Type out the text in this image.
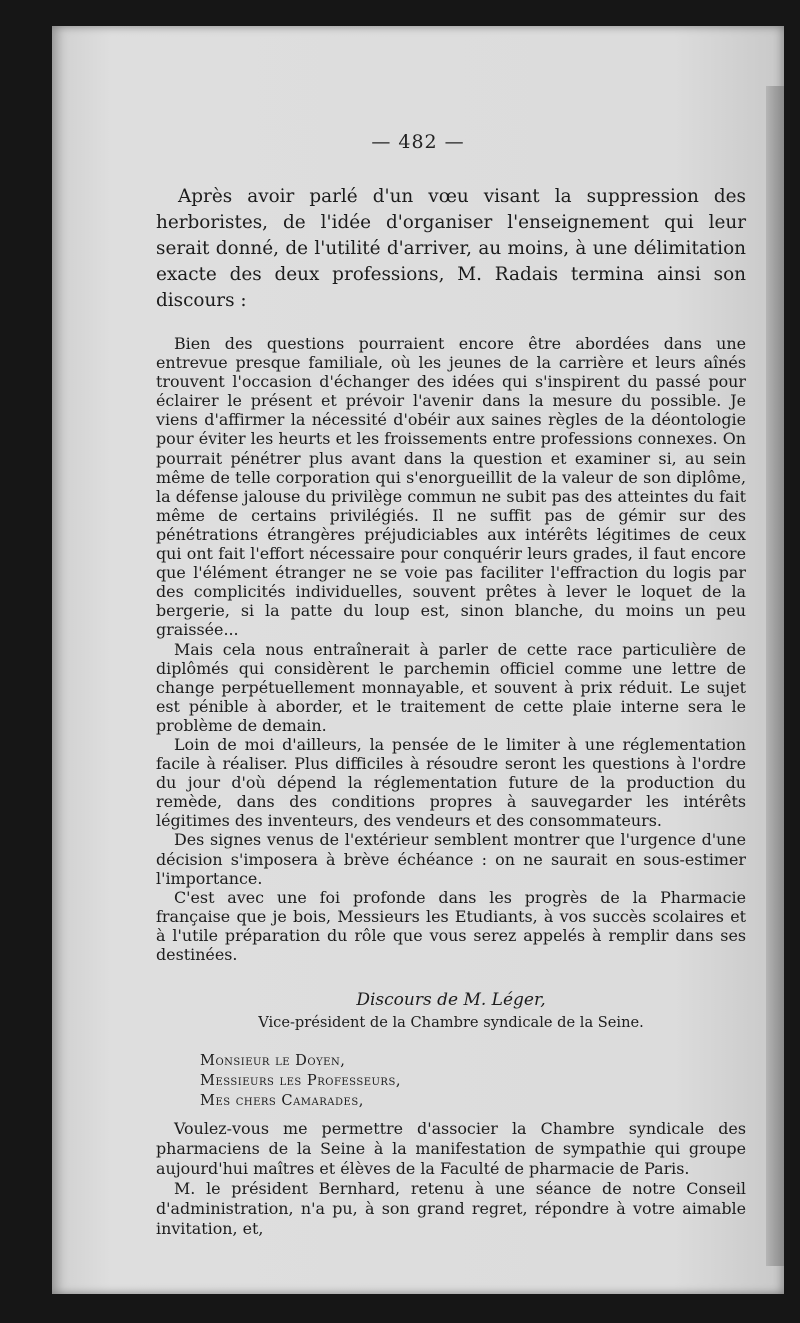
— 482 —

Après avoir parlé d'un vœu visant la suppression des herboristes, de l'idée d'organiser l'enseignement qui leur serait donné, de l'utilité d'arriver, au moins, à une délimitation exacte des deux professions, M. Radais termina ainsi son discours :

Bien des questions pourraient encore être abordées dans une entrevue presque familiale, où les jeunes de la carrière et leurs aînés trouvent l'occasion d'échanger des idées qui s'inspirent du passé pour éclairer le présent et prévoir l'avenir dans la mesure du possible. Je viens d'affirmer la nécessité d'obéir aux saines règles de la déontologie pour éviter les heurts et les froissements entre professions connexes. On pourrait pénétrer plus avant dans la question et examiner si, au sein même de telle corporation qui s'enorgueillit de la valeur de son diplôme, la défense jalouse du privilège commun ne subit pas des atteintes du fait même de certains privilégiés. Il ne suffit pas de gémir sur des pénétrations étrangères préjudiciables aux intérêts légitimes de ceux qui ont fait l'effort nécessaire pour conquérir leurs grades, il faut encore que l'élément étranger ne se voie pas faciliter l'effraction du logis par des complicités individuelles, souvent prêtes à lever le loquet de la bergerie, si la patte du loup est, sinon blanche, du moins un peu graissée...

Mais cela nous entraînerait à parler de cette race particulière de diplômés qui considèrent le parchemin officiel comme une lettre de change perpétuellement monnayable, et souvent à prix réduit. Le sujet est pénible à aborder, et le traitement de cette plaie interne sera le problème de demain.

Loin de moi d'ailleurs, la pensée de le limiter à une réglementation facile à réaliser. Plus difficiles à résoudre seront les questions à l'ordre du jour d'où dépend la réglementation future de la production du remède, dans des conditions propres à sauvegarder les intérêts légitimes des inventeurs, des vendeurs et des consommateurs.

Des signes venus de l'extérieur semblent montrer que l'urgence d'une décision s'imposera à brève échéance : on ne saurait en sous-estimer l'importance.

C'est avec une foi profonde dans les progrès de la Pharmacie française que je bois, Messieurs les Etudiants, à vos succès scolaires et à l'utile préparation du rôle que vous serez appelés à remplir dans ses destinées.

Discours de M. Léger,
Vice-président de la Chambre syndicale de la Seine.
Monsieur le Doyen,
Messieurs les Professeurs,
Mes chers Camarades,

Voulez-vous me permettre d'associer la Chambre syndicale des pharmaciens de la Seine à la manifestation de sympathie qui groupe aujourd'hui maîtres et élèves de la Faculté de pharmacie de Paris.

M. le président Bernhard, retenu à une séance de notre Conseil d'administration, n'a pu, à son grand regret, répondre à votre aimable invitation, et,
